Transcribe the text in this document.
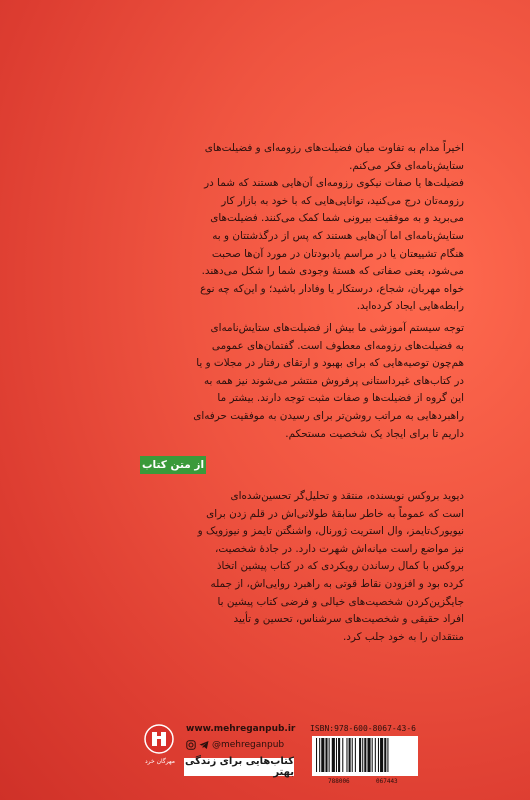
اخیراً مدام به تفاوت میان فضیلت‌های رزومه‌ای و فضیلت‌های
ستایش‌نامه‌ای فکر می‌کنم.
فضیلت‌ها یا صفات نیکوی رزومه‌ای آن‌هایی هستند که شما در
رزومه‌تان درج می‌کنید، توانایی‌هایی که با خود به بازار کار
می‌برید و به موفقیت بیرونی شما کمک می‌کنند. فضیلت‌های
ستایش‌نامه‌ای اما آن‌هایی هستند که پس از درگذشتتان و به
هنگام تشییعتان یا در مراسم یادبودتان در مورد آن‌ها صحبت
می‌شود، یعنی صفاتی که هستهٔ وجودی شما را شکل می‌دهند.
خواه مهربان، شجاع، درستکار یا وفادار باشید؛ و این‌که چه نوع
رابطه‌هایی ایجاد کرده‌اید.
توجه سیستم آموزشی ما بیش از فضیلت‌های ستایش‌نامه‌ای
به فضیلت‌های رزومه‌ای معطوف است. گفتمان‌های عمومی
هم‌چون توصیه‌هایی که برای بهبود و ارتقای رفتار در مجلات و یا
در کتاب‌های غیرداستانی پرفروش منتشر می‌شوند نیز همه به
این گروه از فضیلت‌ها و صفات مثبت توجه دارند. بیشتر ما
راهبردهایی به مراتب روشن‌تر برای رسیدن به موفقیت حرفه‌ای
داریم تا برای ایجاد یک شخصیت مستحکم.
از متن کتاب
دیوید بروکس نویسنده، منتقد و تحلیل‌گر تحسین‌شده‌ای
است که عموماً به خاطر سابقهٔ طولانی‌اش در قلم زدن برای
نیویورک‌تایمز، وال استریت ژورنال، واشنگتن تایمز و نیوزویک و
نیز مواضع راست میانه‌اش شهرت دارد. در جادهٔ شخصیت،
بروکس با کمال رساندن رویکردی که در کتاب پیشین اتخاذ
کرده بود و افزودن نقاط قوتی به راهبرد روایی‌اش، از جمله
جایگزین‌کردن شخصیت‌های خیالی و فرضی کتاب پیشین با
افراد حقیقی و شخصیت‌های سرشناس، تحسین و تأیید
منتقدان را به خود جلب کرد.
مهرگان خرد
www.mehreganpub.ir
@mehreganpub
کتاب‌هایی برای زندگی بهتر
ISBN:978-600-8067-43-6
788006	067443
